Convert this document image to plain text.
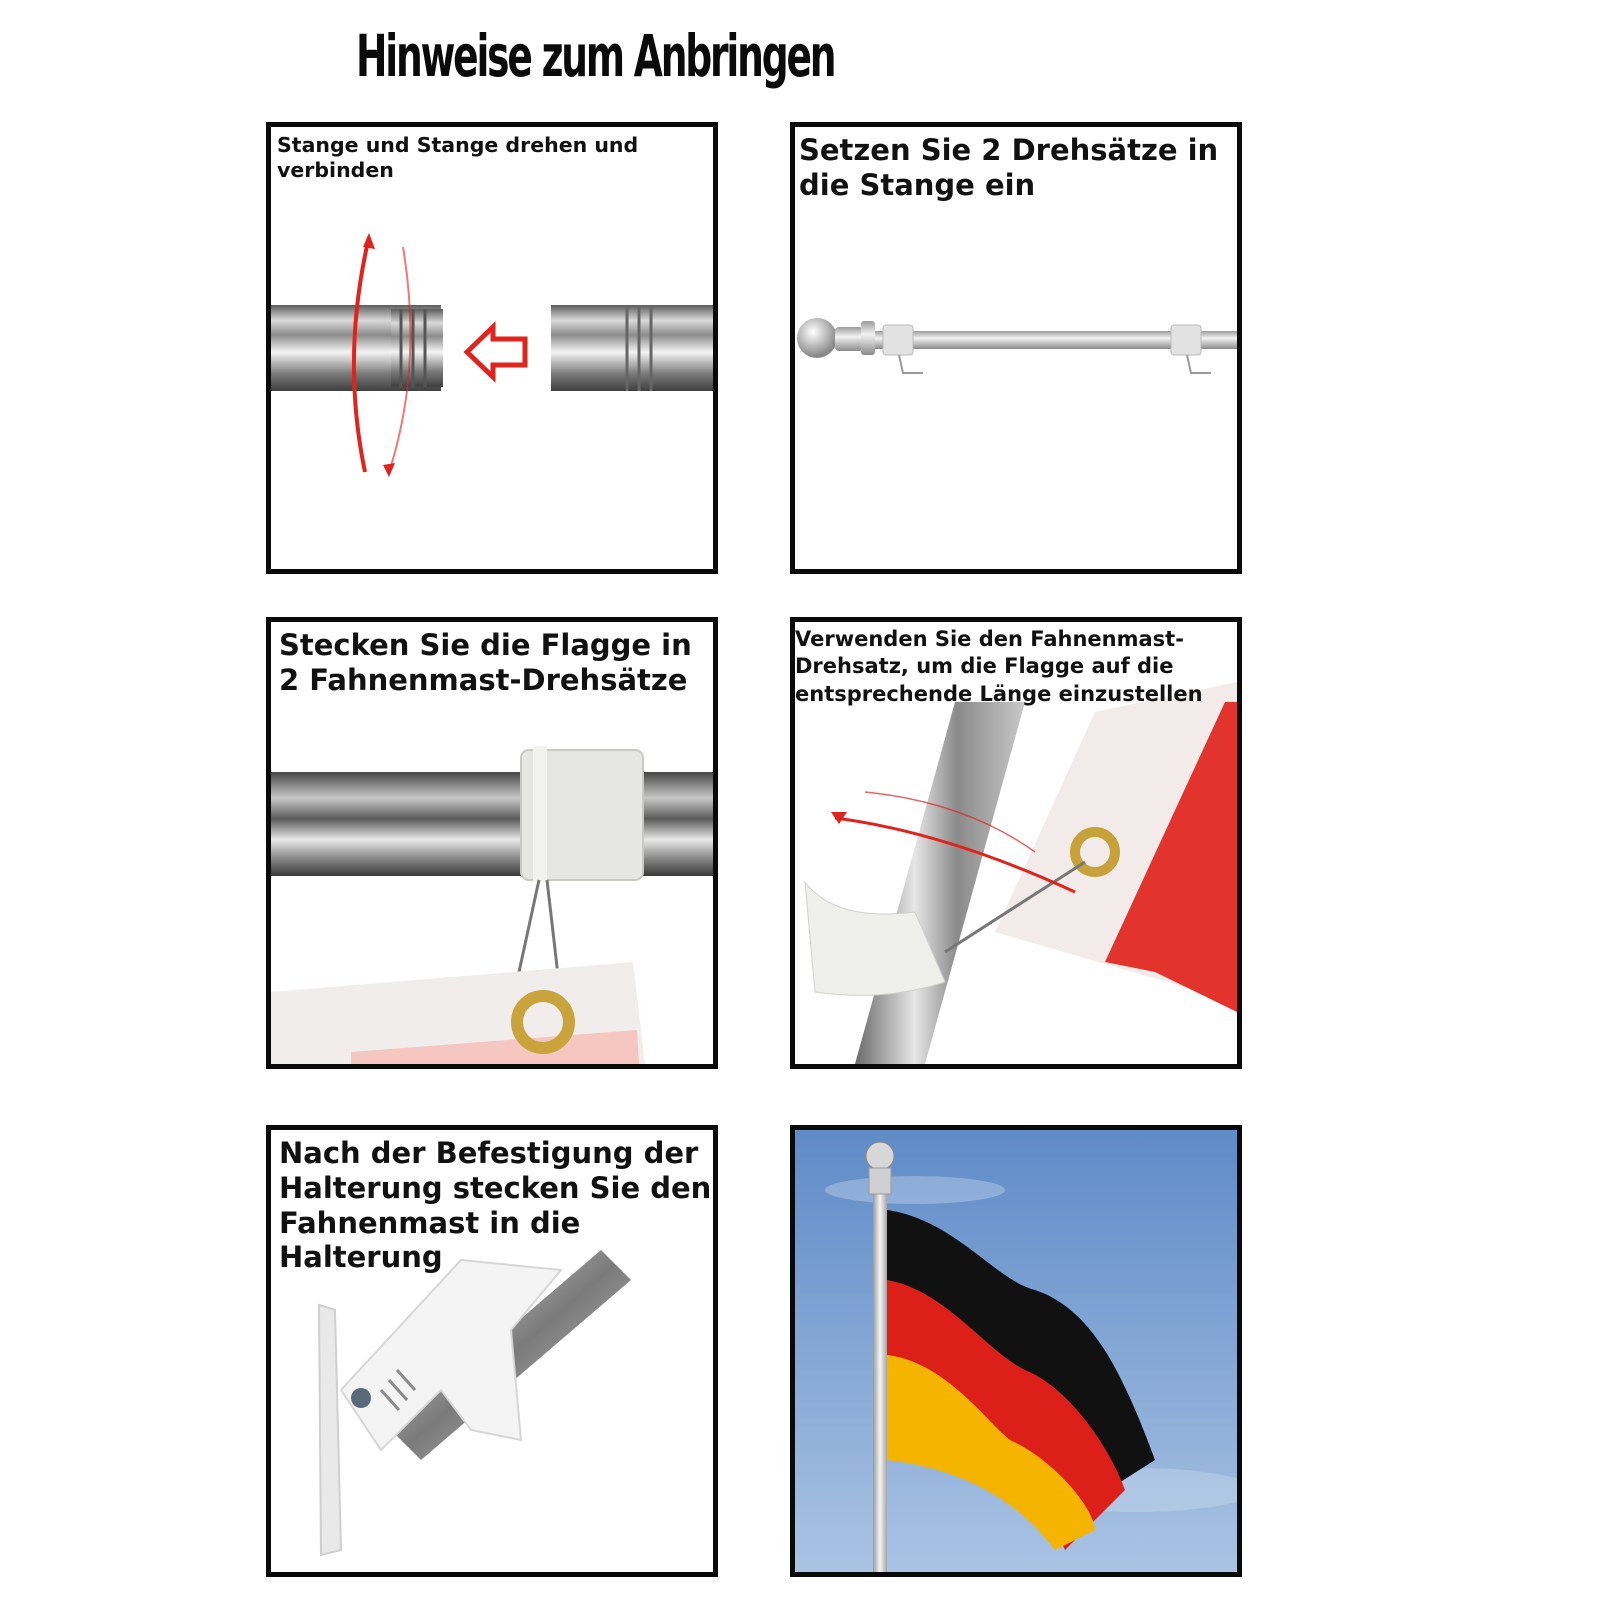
Hinweise zum Anbringen
Stange und Stange drehen und verbinden
Setzen Sie 2 Drehsätze in die Stange ein
Stecken Sie die Flagge in 2 Fahnenmast-Drehsätze
Verwenden Sie den Fahnenmast-Drehsatz, um die Flagge auf die entsprechende Länge einzustellen
Nach der Befestigung der Halterung stecken Sie den Fahnenmast in die Halterung
